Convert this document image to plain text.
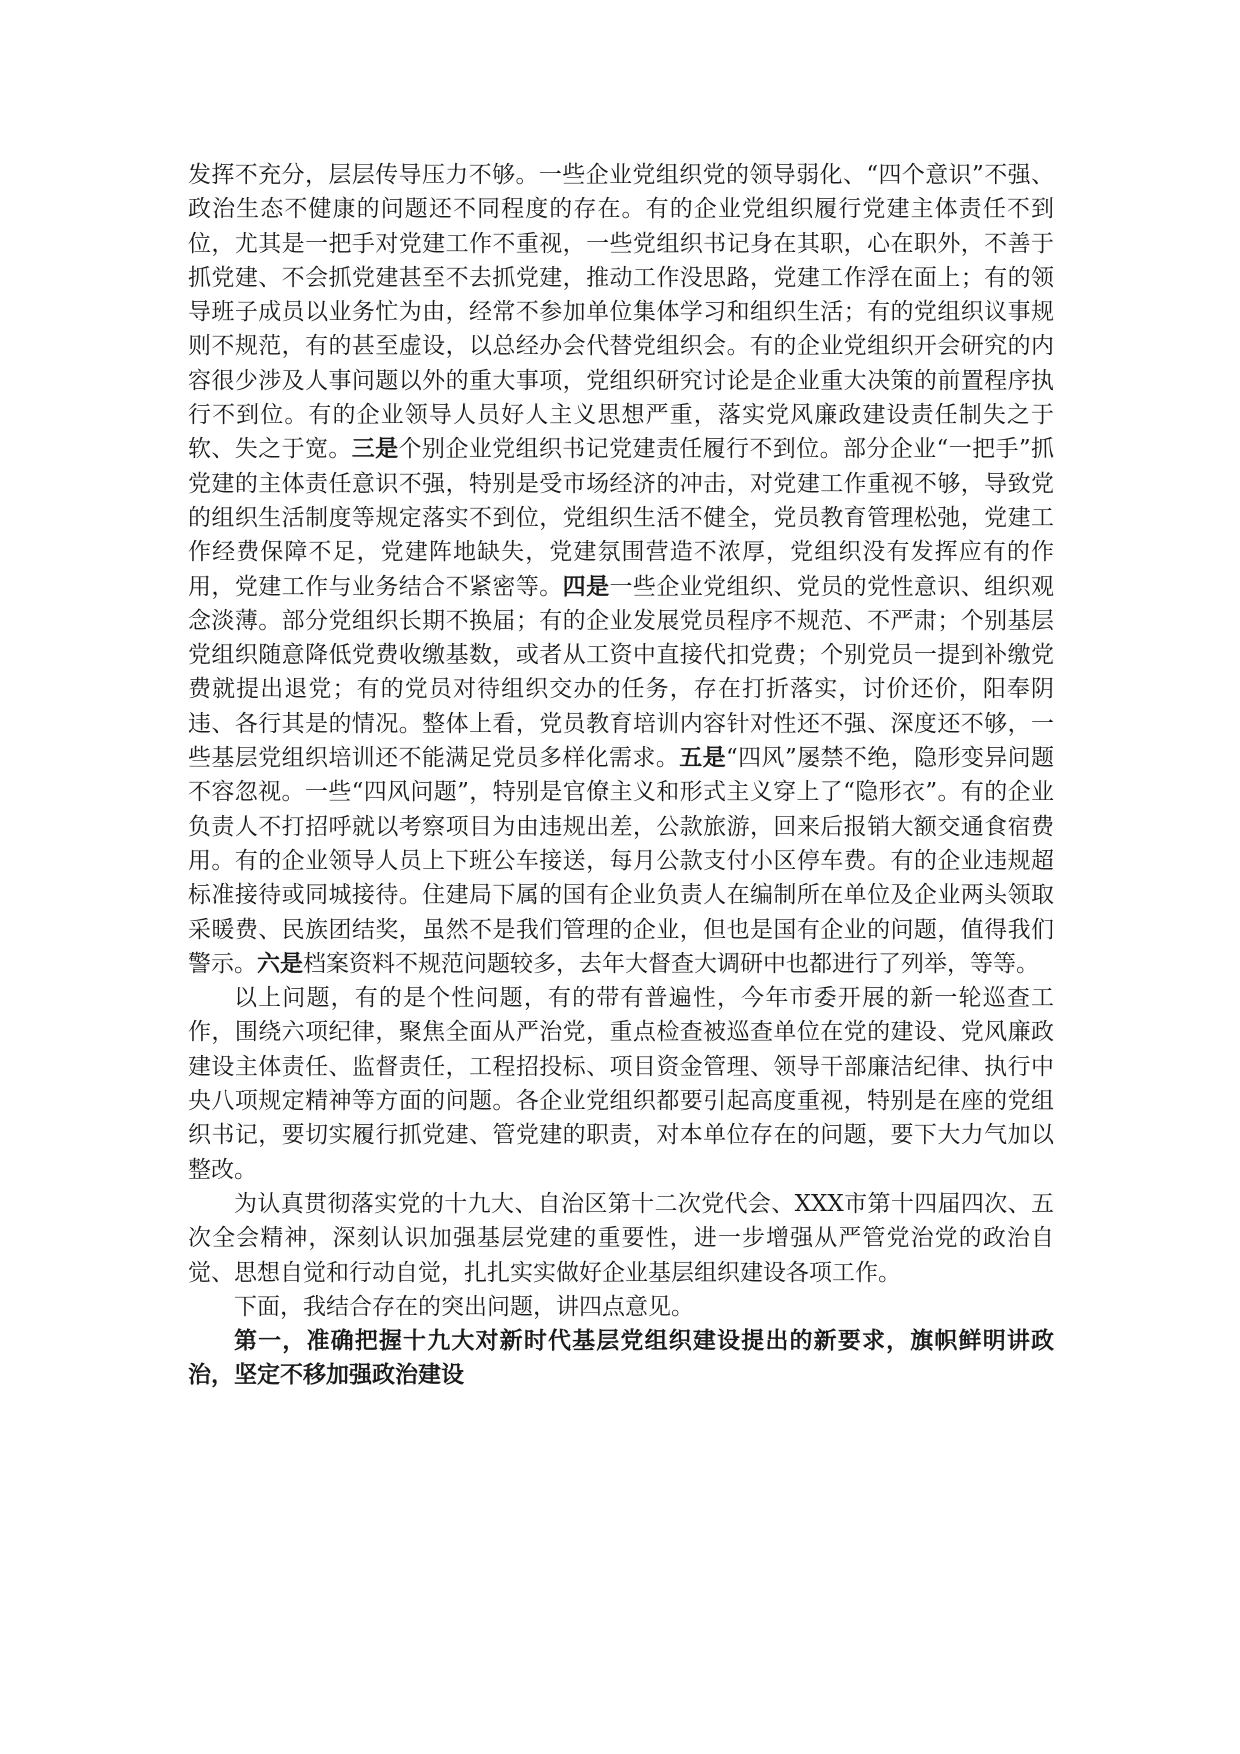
发挥不充分，层层传导压力不够。一些企业党组织党的领导弱化、“四个意识”不强、政治生态不健康的问题还不同程度的存在。有的企业党组织履行党建主体责任不到位，尤其是一把手对党建工作不重视，一些党组织书记身在其职，心在职外，不善于抓党建、不会抓党建甚至不去抓党建，推动工作没思路，党建工作浮在面上；有的领导班子成员以业务忙为由，经常不参加单位集体学习和组织生活；有的党组织议事规则不规范，有的甚至虚设，以总经办会代替党组织会。有的企业党组织开会研究的内容很少涉及人事问题以外的重大事项，党组织研究讨论是企业重大决策的前置程序执行不到位。有的企业领导人员好人主义思想严重，落实党风廉政建设责任制失之于软、失之于宽。三是个别企业党组织书记党建责任履行不到位。部分企业“一把手”抓党建的主体责任意识不强，特别是受市场经济的冲击，对党建工作重视不够，导致党的组织生活制度等规定落实不到位，党组织生活不健全，党员教育管理松弛，党建工作经费保障不足，党建阵地缺失，党建氛围营造不浓厚，党组织没有发挥应有的作用，党建工作与业务结合不紧密等。四是一些企业党组织、党员的党性意识、组织观念淡薄。部分党组织长期不换届；有的企业发展党员程序不规范、不严肃；个别基层党组织随意降低党费收缴基数，或者从工资中直接代扣党费；个别党员一提到补缴党费就提出退党；有的党员对待组织交办的任务，存在打折落实，讨价还价，阳奉阴违、各行其是的情况。整体上看，党员教育培训内容针对性还不强、深度还不够，一些基层党组织培训还不能满足党员多样化需求。五是“四风”屡禁不绝，隐形变异问题不容忽视。一些“四风问题”，特别是官僚主义和形式主义穿上了“隐形衣”。有的企业负责人不打招呼就以考察项目为由违规出差，公款旅游，回来后报销大额交通食宿费用。有的企业领导人员上下班公车接送，每月公款支付小区停车费。有的企业违规超标准接待或同城接待。住建局下属的国有企业负责人在编制所在单位及企业两头领取采暖费、民族团结奖，虽然不是我们管理的企业，但也是国有企业的问题，值得我们警示。六是档案资料不规范问题较多，去年大督查大调研中也都进行了列举，等等。

以上问题，有的是个性问题，有的带有普遍性，今年市委开展的新一轮巡查工作，围绕六项纪律，聚焦全面从严治党，重点检查被巡查单位在党的建设、党风廉政建设主体责任、监督责任，工程招投标、项目资金管理、领导干部廉洁纪律、执行中央八项规定精神等方面的问题。各企业党组织都要引起高度重视，特别是在座的党组织书记，要切实履行抓党建、管党建的职责，对本单位存在的问题，要下大力气加以整改。

为认真贯彻落实党的十九大、自治区第十二次党代会、XXX市第十四届四次、五次全会精神，深刻认识加强基层党建的重要性，进一步增强从严管党治党的政治自觉、思想自觉和行动自觉，扎扎实实做好企业基层组织建设各项工作。

下面，我结合存在的突出问题，讲四点意见。

第一，准确把握十九大对新时代基层党组织建设提出的新要求，旗帜鲜明讲政治，坚定不移加强政治建设
